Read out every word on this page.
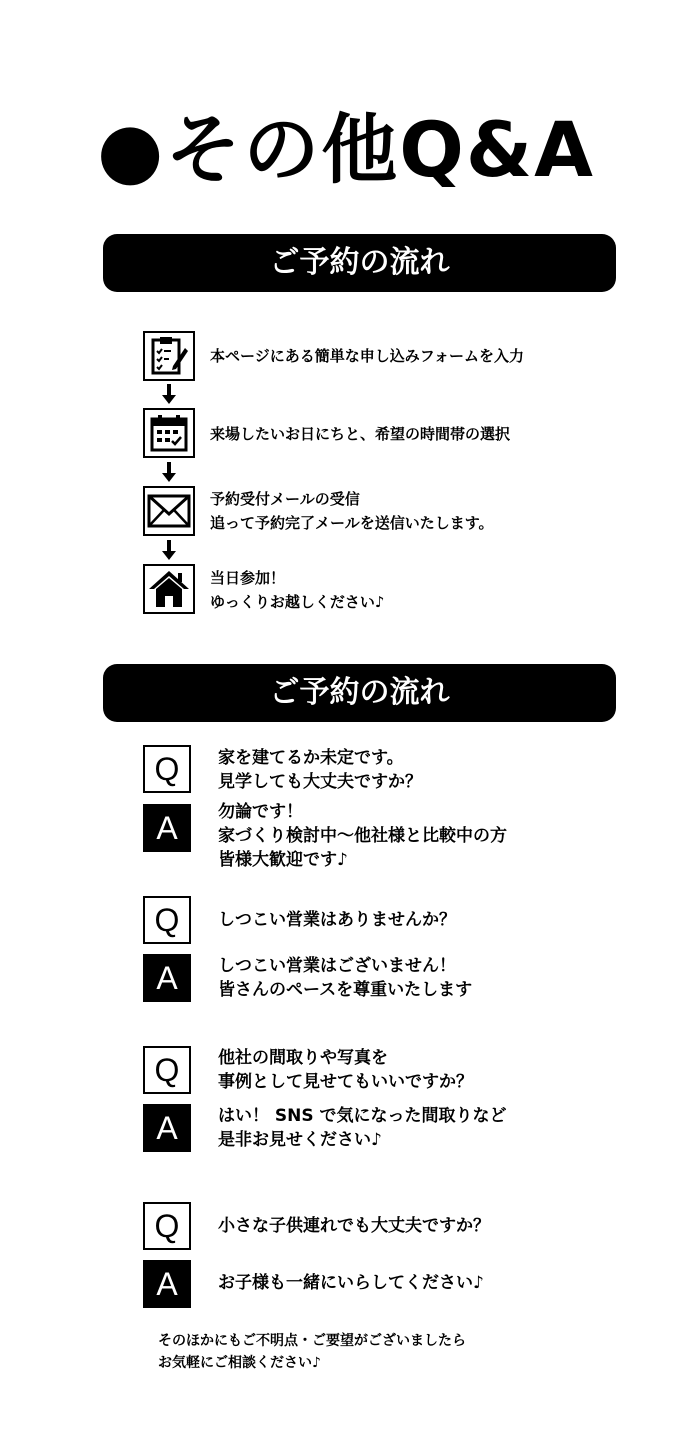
●その他Q&A
ご予約の流れ
本ページにある簡単な申し込みフォームを入力
来場したいお日にちと、希望の時間帯の選択
予約受付メールの受信
追って予約完了メールを送信いたします。
当日参加！
ゆっくりお越しください♪
ご予約の流れ
Q	家を建てるか未定です。
見学しても大丈夫ですか？
A	勿論です！
家づくり検討中～他社様と比較中の方
皆様大歓迎です♪
Q	しつこい営業はありませんか？
A	しつこい営業はございません！
皆さんのペースを尊重いたします
Q	他社の間取りや写真を
事例として見せてもいいですか？
A	はい！ SNS で気になった間取りなど
是非お見せください♪
Q	小さな子供連れでも大丈夫ですか？
A	お子様も一緒にいらしてください♪
そのほかにもご不明点・ご要望がございましたら
お気軽にご相談ください♪
